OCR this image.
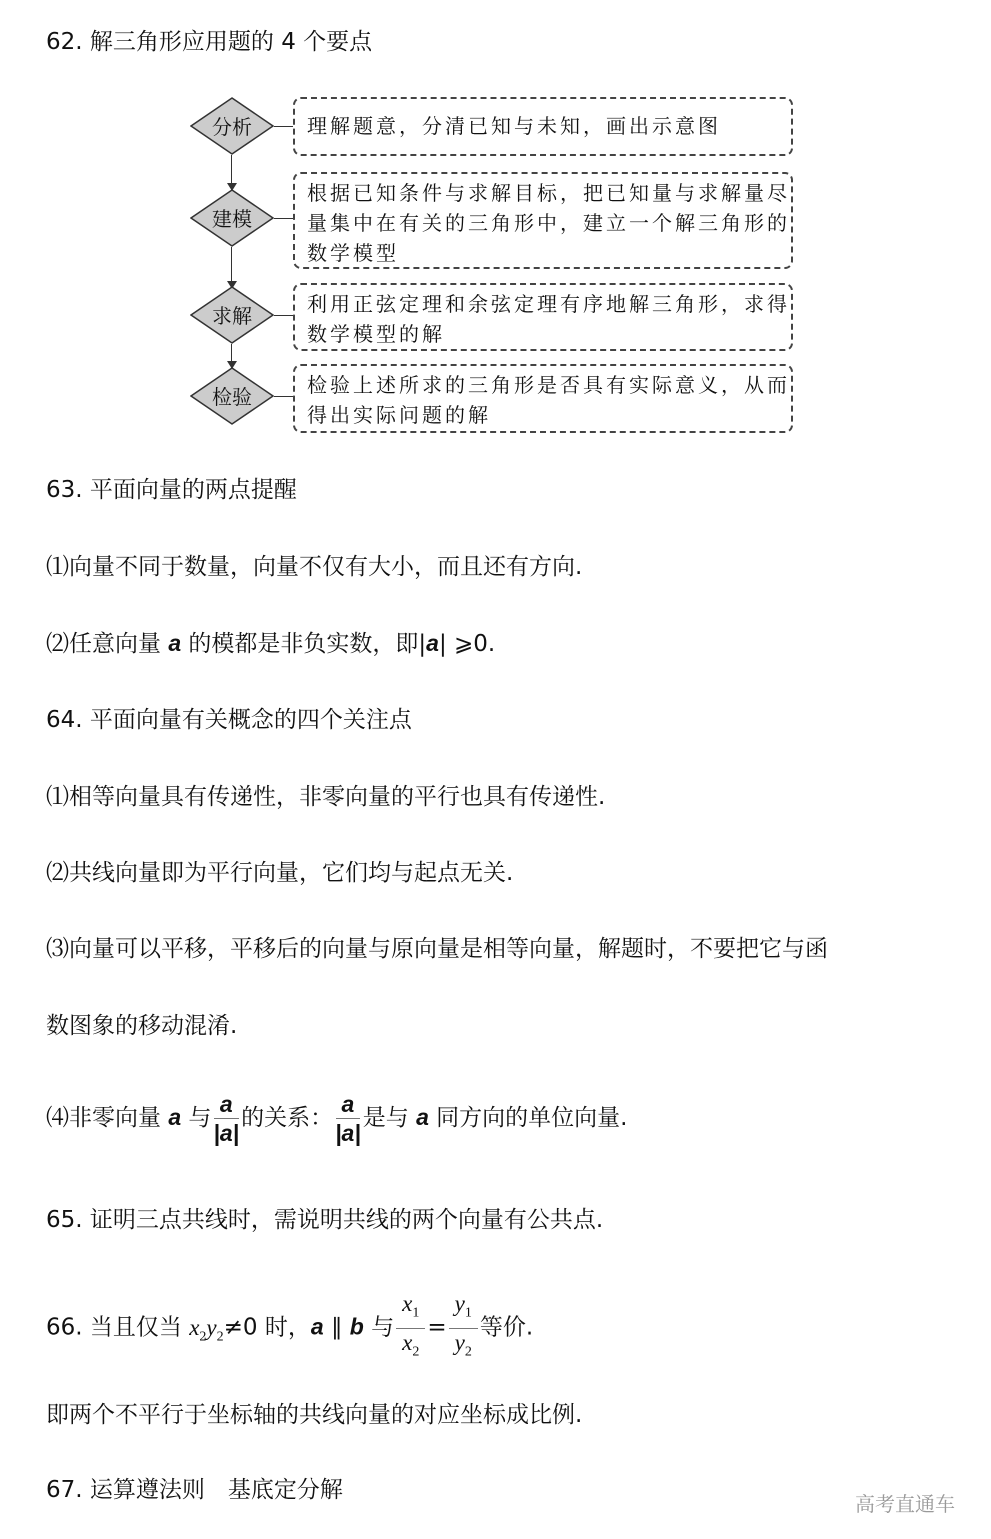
62. 解三角形应用题的 4 个要点
分析
建模
求解
检验
理解题意，分清已知与未知，画出示意图
根据已知条件与求解目标，把已知量与求解量尽量集中在有关的三角形中，建立一个解三角形的数学模型
利用正弦定理和余弦定理有序地解三角形，求得数学模型的解
检验上述所求的三角形是否具有实际意义，从而得出实际问题的解
63. 平面向量的两点提醒
⑴向量不同于数量，向量不仅有大小，而且还有方向.
⑵任意向量 a 的模都是非负实数，即|a| ⩾0.
64. 平面向量有关概念的四个关注点
⑴相等向量具有传递性，非零向量的平行也具有传递性.
⑵共线向量即为平行向量，它们均与起点无关.
⑶向量可以平移，平移后的向量与原向量是相等向量，解题时，不要把它与函
数图象的移动混淆.
⑷非零向量 a 与 $\frac{a}{|a|}$ 的关系： $\frac{a}{|a|}$ 是与 a 同方向的单位向量.
65. 证明三点共线时，需说明共线的两个向量有公共点.
66. 当且仅当 $x_2y_2\ne 0$ 时，a ∥ b 与 $\frac{x_1}{x_2} = \frac{y_1}{y_2}$ 等价.
即两个不平行于坐标轴的共线向量的对应坐标成比例.
67. 运算遵法则　基底定分解
高考直通车
